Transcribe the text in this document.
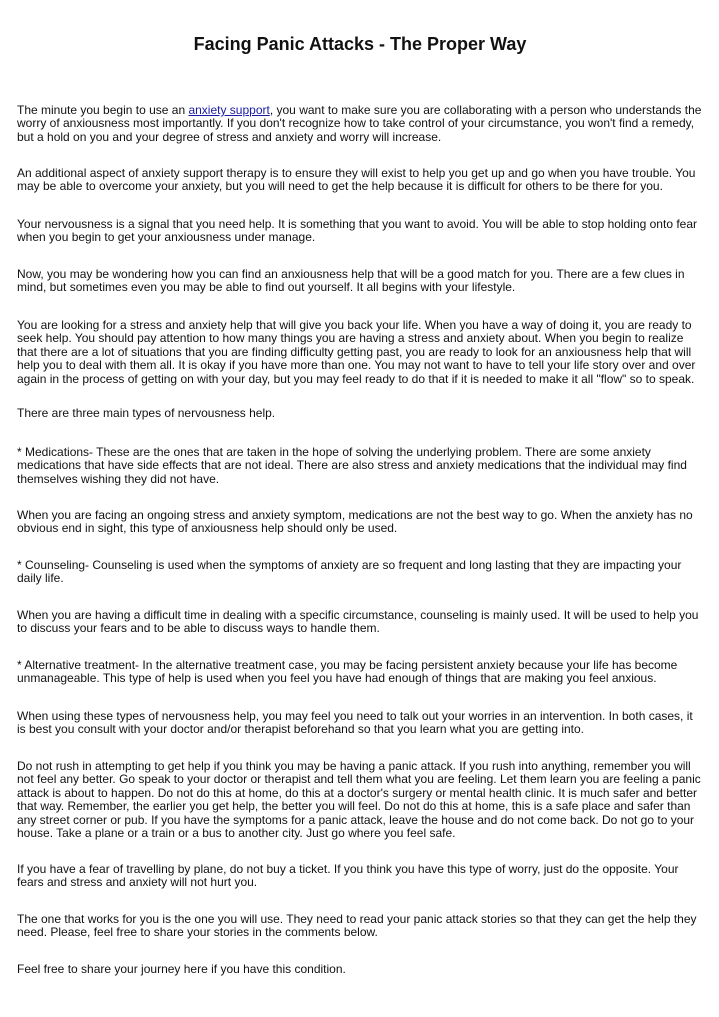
Facing Panic Attacks - The Proper Way

The minute you begin to use an anxiety support, you want to make sure you are collaborating with a person who understands the worry of anxiousness most importantly. If you don't recognize how to take control of your circumstance, you won't find a remedy, but a hold on you and your degree of stress and anxiety and worry will increase.

An additional aspect of anxiety support therapy is to ensure they will exist to help you get up and go when you have trouble. You may be able to overcome your anxiety, but you will need to get the help because it is difficult for others to be there for you.

Your nervousness is a signal that you need help. It is something that you want to avoid. You will be able to stop holding onto fear when you begin to get your anxiousness under manage.

Now, you may be wondering how you can find an anxiousness help that will be a good match for you. There are a few clues in mind, but sometimes even you may be able to find out yourself. It all begins with your lifestyle.

You are looking for a stress and anxiety help that will give you back your life. When you have a way of doing it, you are ready to seek help. You should pay attention to how many things you are having a stress and anxiety about. When you begin to realize that there are a lot of situations that you are finding difficulty getting past, you are ready to look for an anxiousness help that will help you to deal with them all. It is okay if you have more than one. You may not want to have to tell your life story over and over again in the process of getting on with your day, but you may feel ready to do that if it is needed to make it all "flow" so to speak.

There are three main types of nervousness help.

* Medications- These are the ones that are taken in the hope of solving the underlying problem. There are some anxiety medications that have side effects that are not ideal. There are also stress and anxiety medications that the individual may find themselves wishing they did not have.

When you are facing an ongoing stress and anxiety symptom, medications are not the best way to go. When the anxiety has no obvious end in sight, this type of anxiousness help should only be used.

* Counseling- Counseling is used when the symptoms of anxiety are so frequent and long lasting that they are impacting your daily life.

When you are having a difficult time in dealing with a specific circumstance, counseling is mainly used. It will be used to help you to discuss your fears and to be able to discuss ways to handle them.

* Alternative treatment- In the alternative treatment case, you may be facing persistent anxiety because your life has become unmanageable. This type of help is used when you feel you have had enough of things that are making you feel anxious.

When using these types of nervousness help, you may feel you need to talk out your worries in an intervention. In both cases, it is best you consult with your doctor and/or therapist beforehand so that you learn what you are getting into.

Do not rush in attempting to get help if you think you may be having a panic attack. If you rush into anything, remember you will not feel any better. Go speak to your doctor or therapist and tell them what you are feeling. Let them learn you are feeling a panic attack is about to happen. Do not do this at home, do this at a doctor's surgery or mental health clinic. It is much safer and better that way. Remember, the earlier you get help, the better you will feel. Do not do this at home, this is a safe place and safer than any street corner or pub. If you have the symptoms for a panic attack, leave the house and do not come back. Do not go to your house. Take a plane or a train or a bus to another city. Just go where you feel safe.

If you have a fear of travelling by plane, do not buy a ticket. If you think you have this type of worry, just do the opposite. Your fears and stress and anxiety will not hurt you.

The one that works for you is the one you will use. They need to read your panic attack stories so that they can get the help they need. Please, feel free to share your stories in the comments below.

Feel free to share your journey here if you have this condition.
